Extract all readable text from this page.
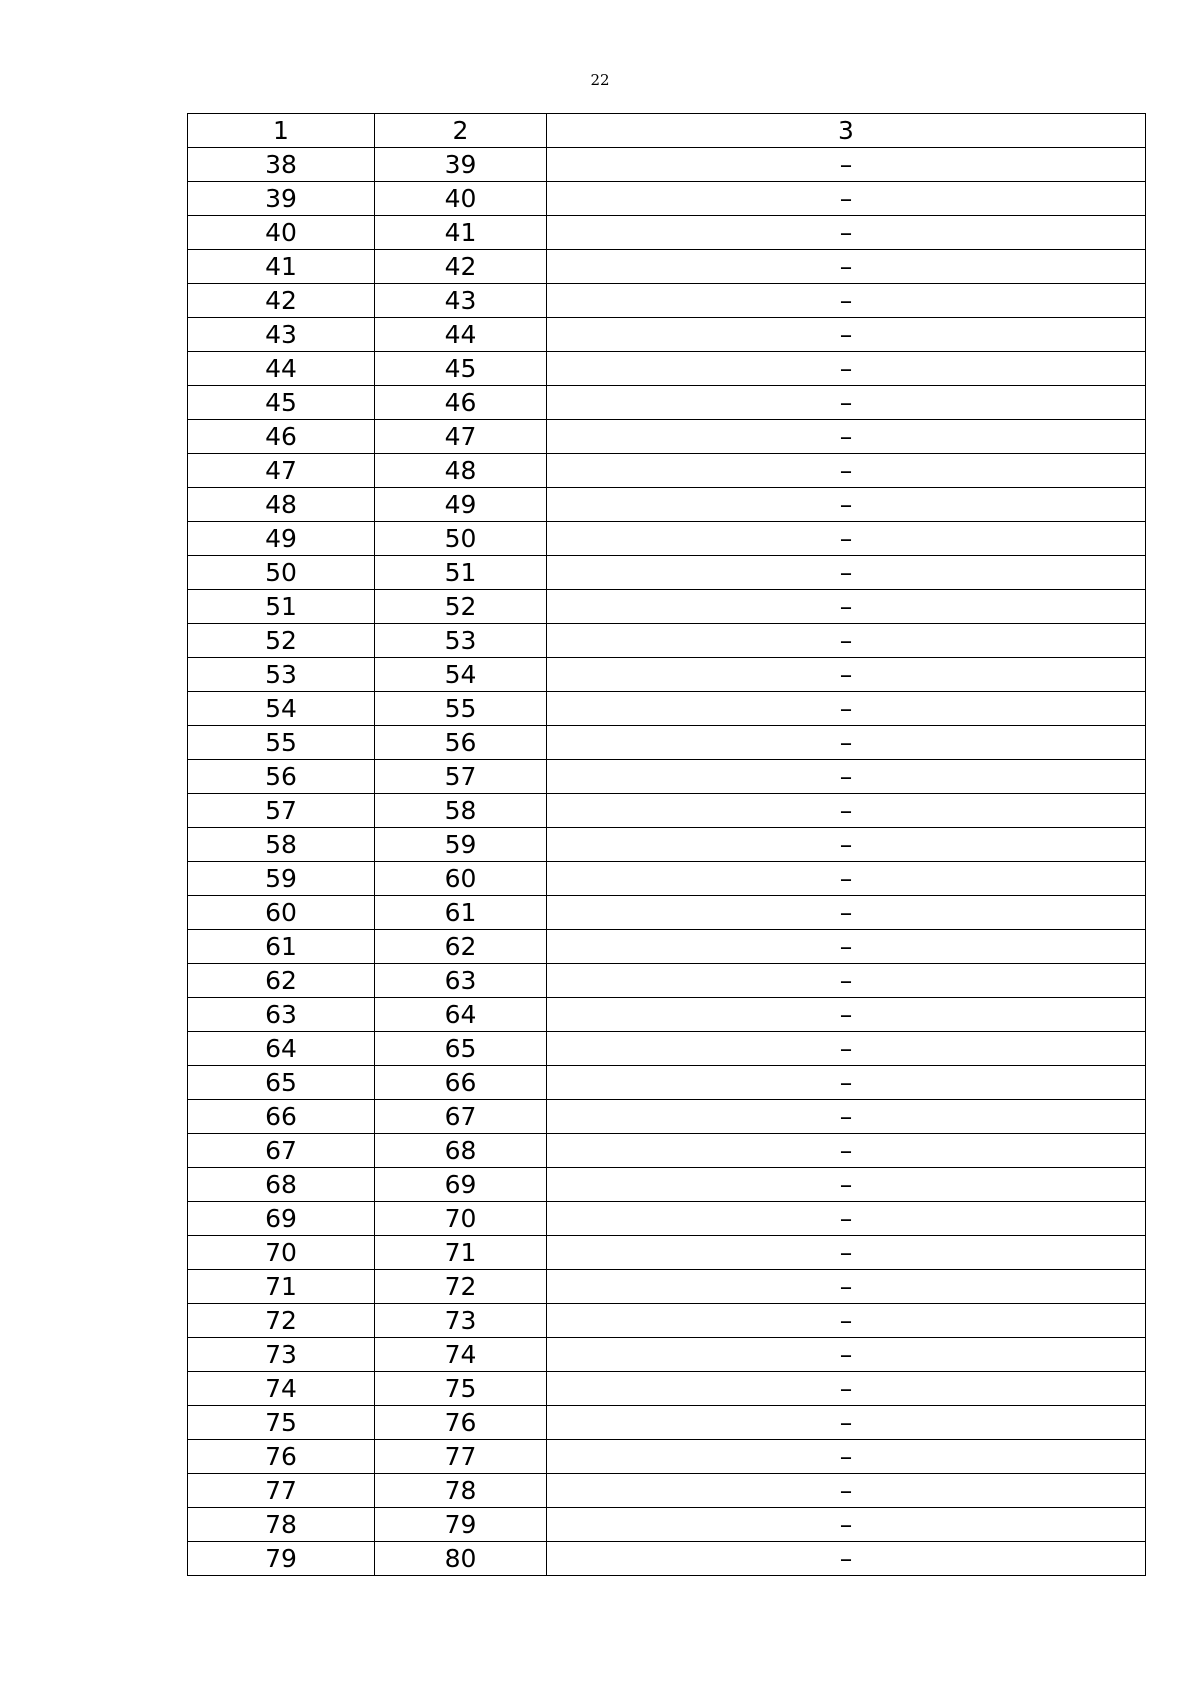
22
1	2	3
38	39	–
39	40	–
40	41	–
41	42	–
42	43	–
43	44	–
44	45	–
45	46	–
46	47	–
47	48	–
48	49	–
49	50	–
50	51	–
51	52	–
52	53	–
53	54	–
54	55	–
55	56	–
56	57	–
57	58	–
58	59	–
59	60	–
60	61	–
61	62	–
62	63	–
63	64	–
64	65	–
65	66	–
66	67	–
67	68	–
68	69	–
69	70	–
70	71	–
71	72	–
72	73	–
73	74	–
74	75	–
75	76	–
76	77	–
77	78	–
78	79	–
79	80	–
